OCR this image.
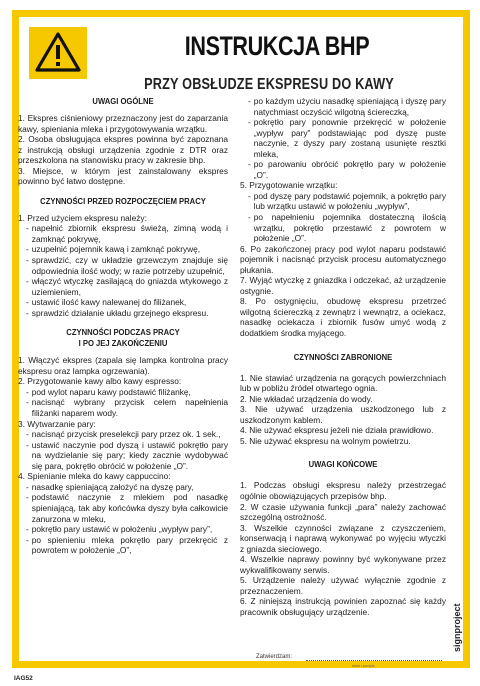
INSTRUKCJA BHP
PRZY OBSŁUDZE EKSPRESU DO KAWY
UWAGI OGÓLNE

1. Ekspres ciśnieniowy przeznaczony jest do zaparzania kawy, spieniania mleka i przygotowywania wrzątku.

2. Osoba obsługująca ekspres powinna być zapoznana z instrukcją obsługi urządzenia zgodnie z DTR oraz przeszkolona na stanowisku pracy w zakresie bhp.

3. Miejsce, w którym jest zainstalowany ekspres powinno być łatwo dostępne.

CZYNNOŚCI PRZED ROZPOCZĘCIEM PRACY

1. Przed użyciem ekspresu należy:

- napełnić zbiornik ekspresu świeżą, zimną wodą i zamknąć pokrywę,
- uzupełnić pojemnik kawą i zamknąć pokrywę,
- sprawdzić, czy w układzie grzewczym znajduje się odpowiednia ilość wody; w razie potrzeby uzupełnić,
- włączyć wtyczkę zasilającą do gniazda wtykowego z uziemieniem,
- ustawić ilość kawy nalewanej do filiżanek,
- sprawdzić działanie układu grzejnego ekspresu.
CZYNNOŚCI PODCZAS PRACY
I PO JEJ ZAKOŃCZENIU

1. Włączyć ekspres (zapala się lampka kontrolna pracy ekspresu oraz lampka ogrzewania).

2. Przygotowanie kawy albo kawy espresso:

- pod wylot naparu kawy podstawić filiżankę,
- nacisnąć wybrany przycisk celem napełnienia filiżanki naparem wody.

3. Wytwarzanie pary:

- nacisnąć przycisk preselekcji pary przez ok. 1 sek.,
- ustawić naczynie pod dyszą i ustawić pokrętło pary na wydzielanie się pary; kiedy zacznie wydobywać się para, pokrętło obrócić w położenie „O”.

4. Spienianie mleka do kawy cappuccino:

- nasadkę spieniającą założyć na dyszę pary,
- podstawić naczynie z mlekiem pod nasadkę spieniającą, tak aby końcówka dyszy była całkowicie zanurzona w mleku,
- pokrętło pary ustawić w położeniu „wypływ pary”,
- po spienieniu mleka pokrętło pary przekręcić z powrotem w położenie „O”,
- po każdym użyciu nasadkę spieniającą i dyszę pary natychmiast oczyścić wilgotną ściereczką,
- pokrętło pary ponownie przekręcić w położenie „wypływ pary” podstawiając pod dyszę puste naczynie, z dyszy pary zostaną usunięte resztki mleka,
- po parowaniu obrócić pokrętło pary w położenie „O”.

5. Przygotowanie wrzątku:

- pod dyszę pary podstawić pojemnik, a pokrętło pary lub wrzątku ustawić w położeniu „wypływ”,
- po napełnieniu pojemnika dostateczną ilością wrzątku, pokrętło przestawić z powrotem w położenie „O”.

6. Po zakończonej pracy pod wylot naparu podstawić pojemnik i nacisnąć przycisk procesu automatycznego płukania.

7. Wyjąć wtyczkę z gniazdka i odczekać, aż urządzenie ostygnie.

8. Po ostygnięciu, obudowę ekspresu przetrzeć wilgotną ściereczką z zewnątrz i wewnątrz, a ociekacz, nasadkę ociekacza i zbiornik fusów umyć wodą z dodatkiem środka myjącego.

CZYNNOŚCI ZABRONIONE

1. Nie stawiać urządzenia na gorących powierzchniach lub w pobliżu źródeł otwartego ognia.

2. Nie wkładać urządzenia do wody.

3. Nie używać urządzenia uszkodzonego lub z uszkodzonym kablem.

4. Nie używać ekspresu jeżeli nie działa prawidłowo.

5. Nie używać ekspresu na wolnym powietrzu.

UWAGI KOŃCOWE

1. Podczas obsługi ekspresu należy przestrzegać ogólnie obowiązujących przepisów bhp.

2. W czasie używania funkcji „para” należy zachować szczególną ostrożność.

3. Wszelkie czynności związane z czyszczeniem, konserwacją i naprawą wykonywać po wyjęciu wtyczki z gniazda sieciowego.

4. Wszelkie naprawy powinny być wykonywane przez wykwalifikowany serwis.

5. Urządzenie należy używać wyłącznie zgodnie z przeznaczeniem.

6. Z niniejszą instrukcją powinien zapoznać się każdy pracownik obsługujący urządzenie.

Zatwierdzam:
data i podpis
signproject
IAG52
